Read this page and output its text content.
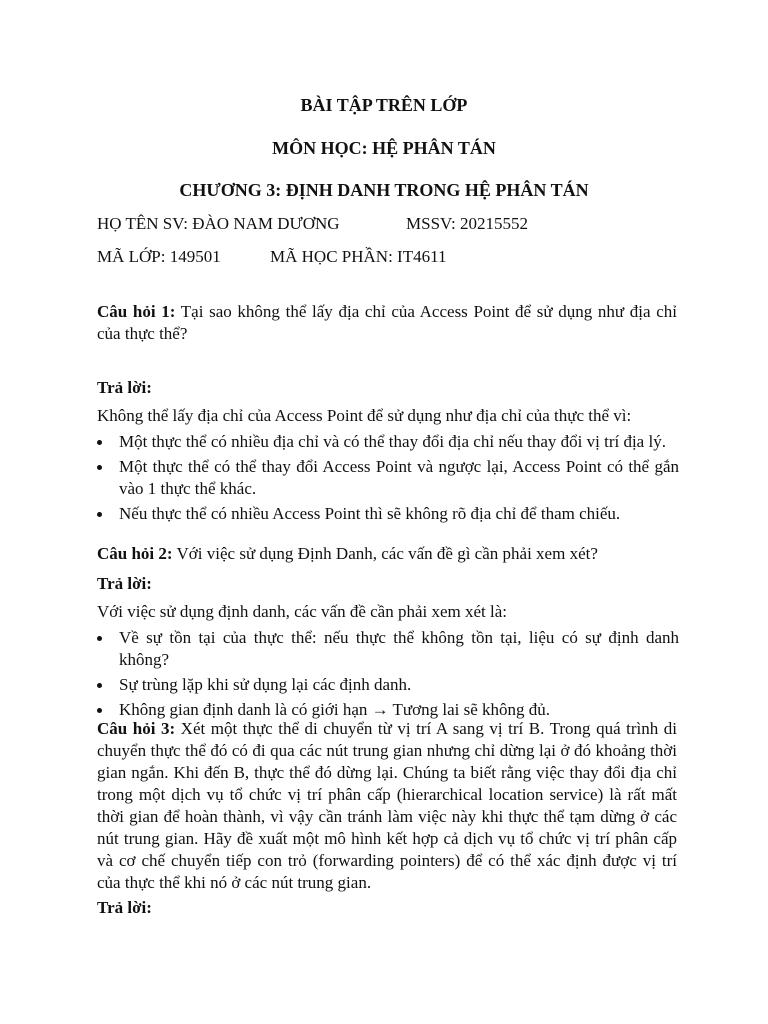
BÀI TẬP TRÊN LỚP
MÔN HỌC: HỆ PHÂN TÁN
CHƯƠNG 3: ĐỊNH DANH TRONG HỆ PHÂN TÁN
HỌ TÊN SV: ĐÀO NAM DƯƠNG	MSSV: 20215552
MÃ LỚP: 149501	MÃ HỌC PHẦN: IT4611
Câu hỏi 1: Tại sao không thể lấy địa chỉ của Access Point để sử dụng như địa chỉ của thực thể?
Trả lời:
Không thể lấy địa chỉ của Access Point để sử dụng như địa chỉ của thực thể vì:
Một thực thể có nhiều địa chỉ và có thể thay đổi địa chỉ nếu thay đổi vị trí địa lý.
Một thực thể có thể thay đổi Access Point và ngược lại, Access Point có thể gắn vào 1 thực thể khác.
Nếu thực thể có nhiều Access Point thì sẽ không rõ địa chỉ để tham chiếu.
Câu hỏi 2: Với việc sử dụng Định Danh, các vấn đề gì cần phải xem xét?
Trả lời:
Với việc sử dụng định danh, các vấn đề cần phải xem xét là:
Về sự tồn tại của thực thể: nếu thực thể không tồn tại, liệu có sự định danh không?
Sự trùng lặp khi sử dụng lại các định danh.
Không gian định danh là có giới hạn → Tương lai sẽ không đủ.
Câu hỏi 3: Xét một thực thể di chuyển từ vị trí A sang vị trí B. Trong quá trình di chuyển thực thể đó có đi qua các nút trung gian nhưng chỉ dừng lại ở đó khoảng thời gian ngắn. Khi đến B, thực thể đó dừng lại. Chúng ta biết rằng việc thay đổi địa chỉ trong một dịch vụ tổ chức vị trí phân cấp (hierarchical location service) là rất mất thời gian để hoàn thành, vì vậy cần tránh làm việc này khi thực thể tạm dừng ở các nút trung gian. Hãy đề xuất một mô hình kết hợp cả dịch vụ tổ chức vị trí phân cấp và cơ chế chuyển tiếp con trỏ (forwarding pointers) để có thể xác định được vị trí của thực thể khi nó ở các nút trung gian.
Trả lời:
